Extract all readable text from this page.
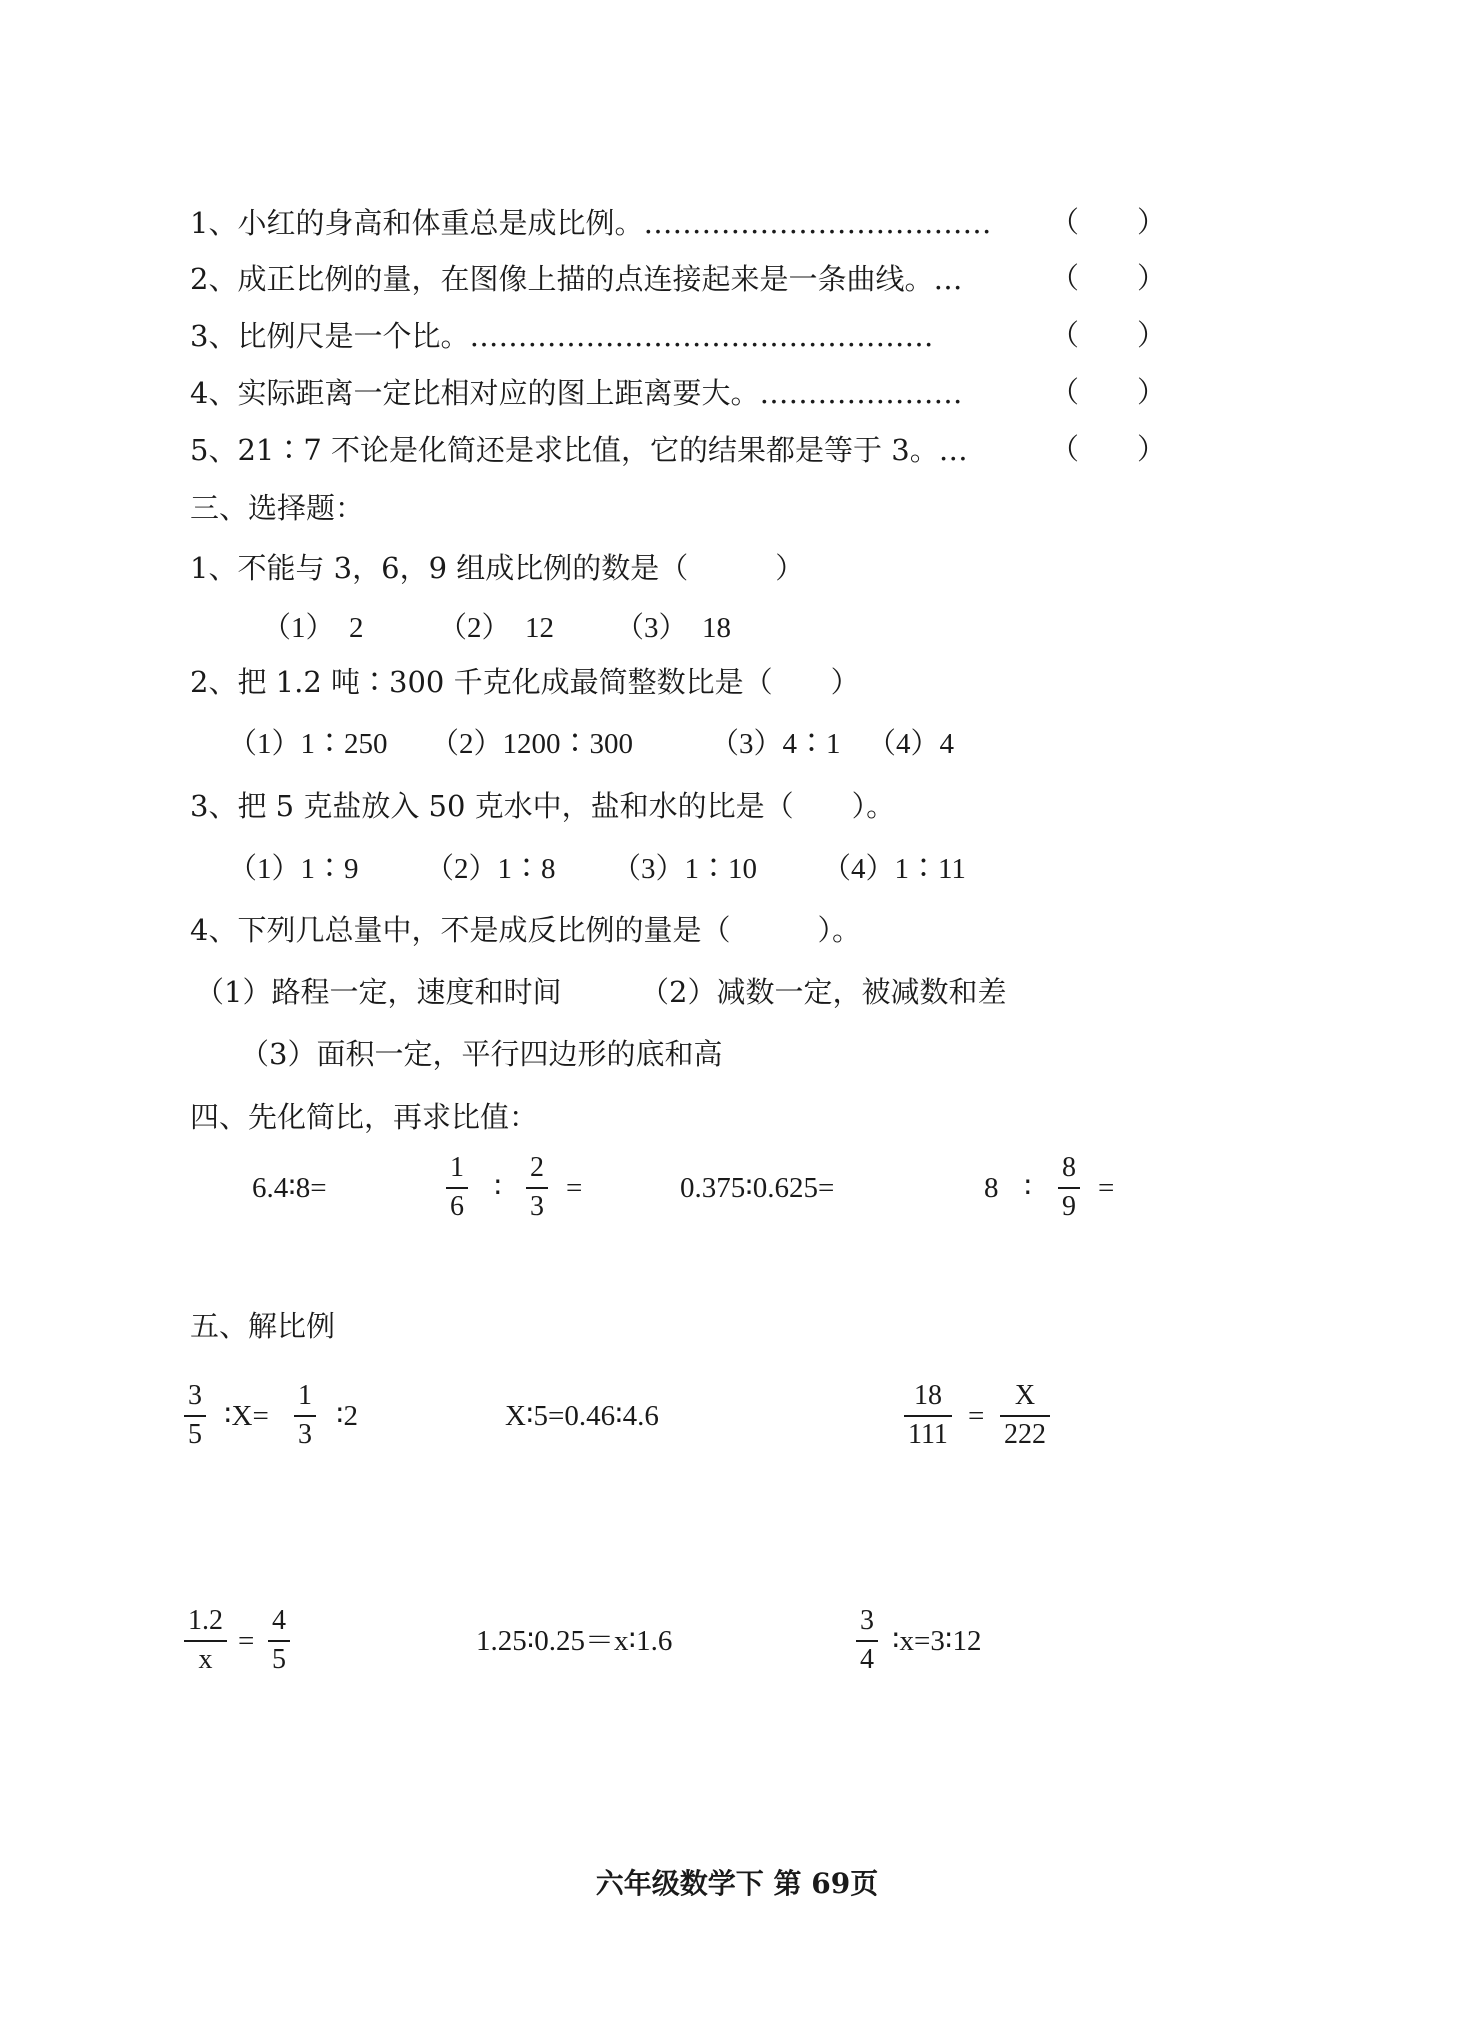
1、小红的身高和体重总是成比例。……………………………… （　　）
2、成正比例的量，在图像上描的点连接起来是一条曲线。…	（　　）
3、比例尺是一个比。…………………………………………	（　　）
4、实际距离一定比相对应的图上距离要大。…………………	（　　）
5、21∶7 不论是化简还是求比值，它的结果都是等于 3。…	（　　）
三、选择题：
1、不能与 3，6，9 组成比例的数是（　　　）
（1）  2	（2）  12 （3）  18
2、把 1.2 吨∶300 千克化成最简整数比是（　　）
（1）1∶250 （2）1200∶300	（3）4∶1 （4）4
3、把 5 克盐放入 50 克水中，盐和水的比是（　　）。
（1）1∶9 （2）1∶8 （3）1∶10 （4）1∶11
4、下列几总量中，不是成反比例的量是（　　　）。
（1）路程一定，速度和时间	（2）减数一定，被减数和差
（3）面积一定，平行四边形的底和高
四、先化简比，再求比值：
6.4∶8=
1
6
∶
2
3
=	0.375∶0.625=	8 ∶
8
9
=
五、解比例
3
5
∶X=
1
3
∶2	X∶5=0.46∶4.6
18
111
=
X
222
1.2
x
=
4
5
1.25∶0.25＝x∶1.6
3
4
∶x=3∶12
六年级数学下 第 69页
